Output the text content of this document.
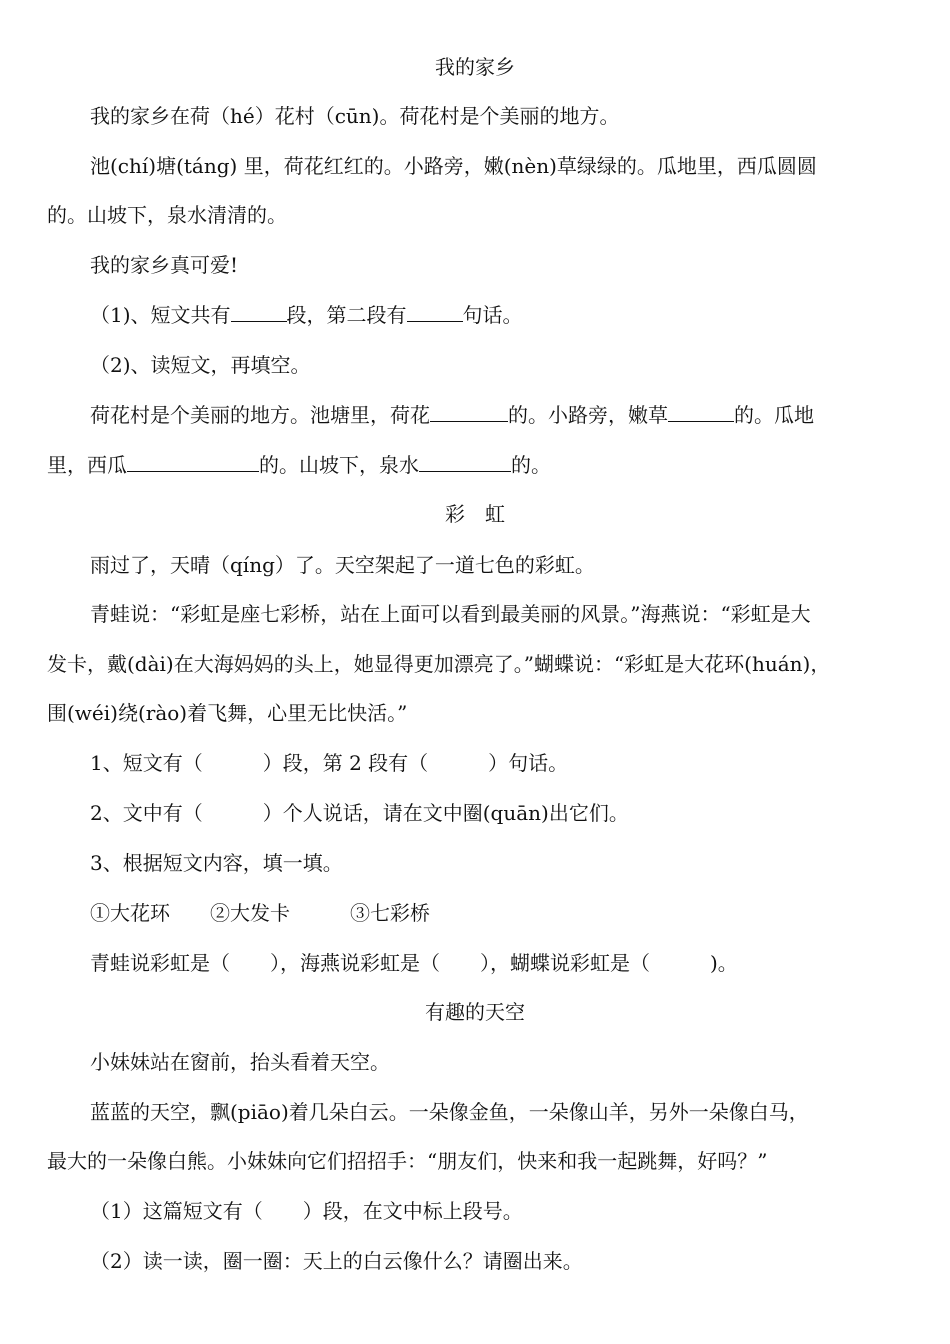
我的家乡
我的家乡在荷（hé）花村（cūn)。荷花村是个美丽的地方。
池(chí)塘(táng) 里，荷花红红的。小路旁，嫩(nèn)草绿绿的。瓜地里，西瓜圆圆
的。山坡下，泉水清清的。
我的家乡真可爱!
（1)、短文共有	段，第二段有	句话。
（2)、读短文，再填空。
荷花村是个美丽的地方。池塘里，荷花	的。小路旁，嫩草	的。瓜地
里，西瓜	的。山坡下，泉水	的。
彩　虹
雨过了，天晴（qíng）了。天空架起了一道七色的彩虹。
青蛙说：“彩虹是座七彩桥，站在上面可以看到最美丽的风景。”海燕说：“彩虹是大
发卡，戴(dài)在大海妈妈的头上，她显得更加漂亮了。”蝴蝶说：“彩虹是大花环(huán)，
围(wéi)绕(rào)着飞舞，心里无比快活。”
1、短文有（　　　）段，第 2 段有（　　　）句话。
2、文中有（　　　）个人说话，请在文中圈(quān)出它们。
3、根据短文内容，填一填。
①大花环　　②大发卡　　　③七彩桥
青蛙说彩虹是（　　），海燕说彩虹是（　　），蝴蝶说彩虹是（　　　)。
有趣的天空
小妹妹站在窗前，抬头看着天空。
蓝蓝的天空，飘(piāo)着几朵白云。一朵像金鱼，一朵像山羊，另外一朵像白马，
最大的一朵像白熊。小妹妹向它们招招手：“朋友们，快来和我一起跳舞，好吗？”
（1）这篇短文有（　　）段，在文中标上段号。
（2）读一读，圈一圈：天上的白云像什么？请圈出来。
